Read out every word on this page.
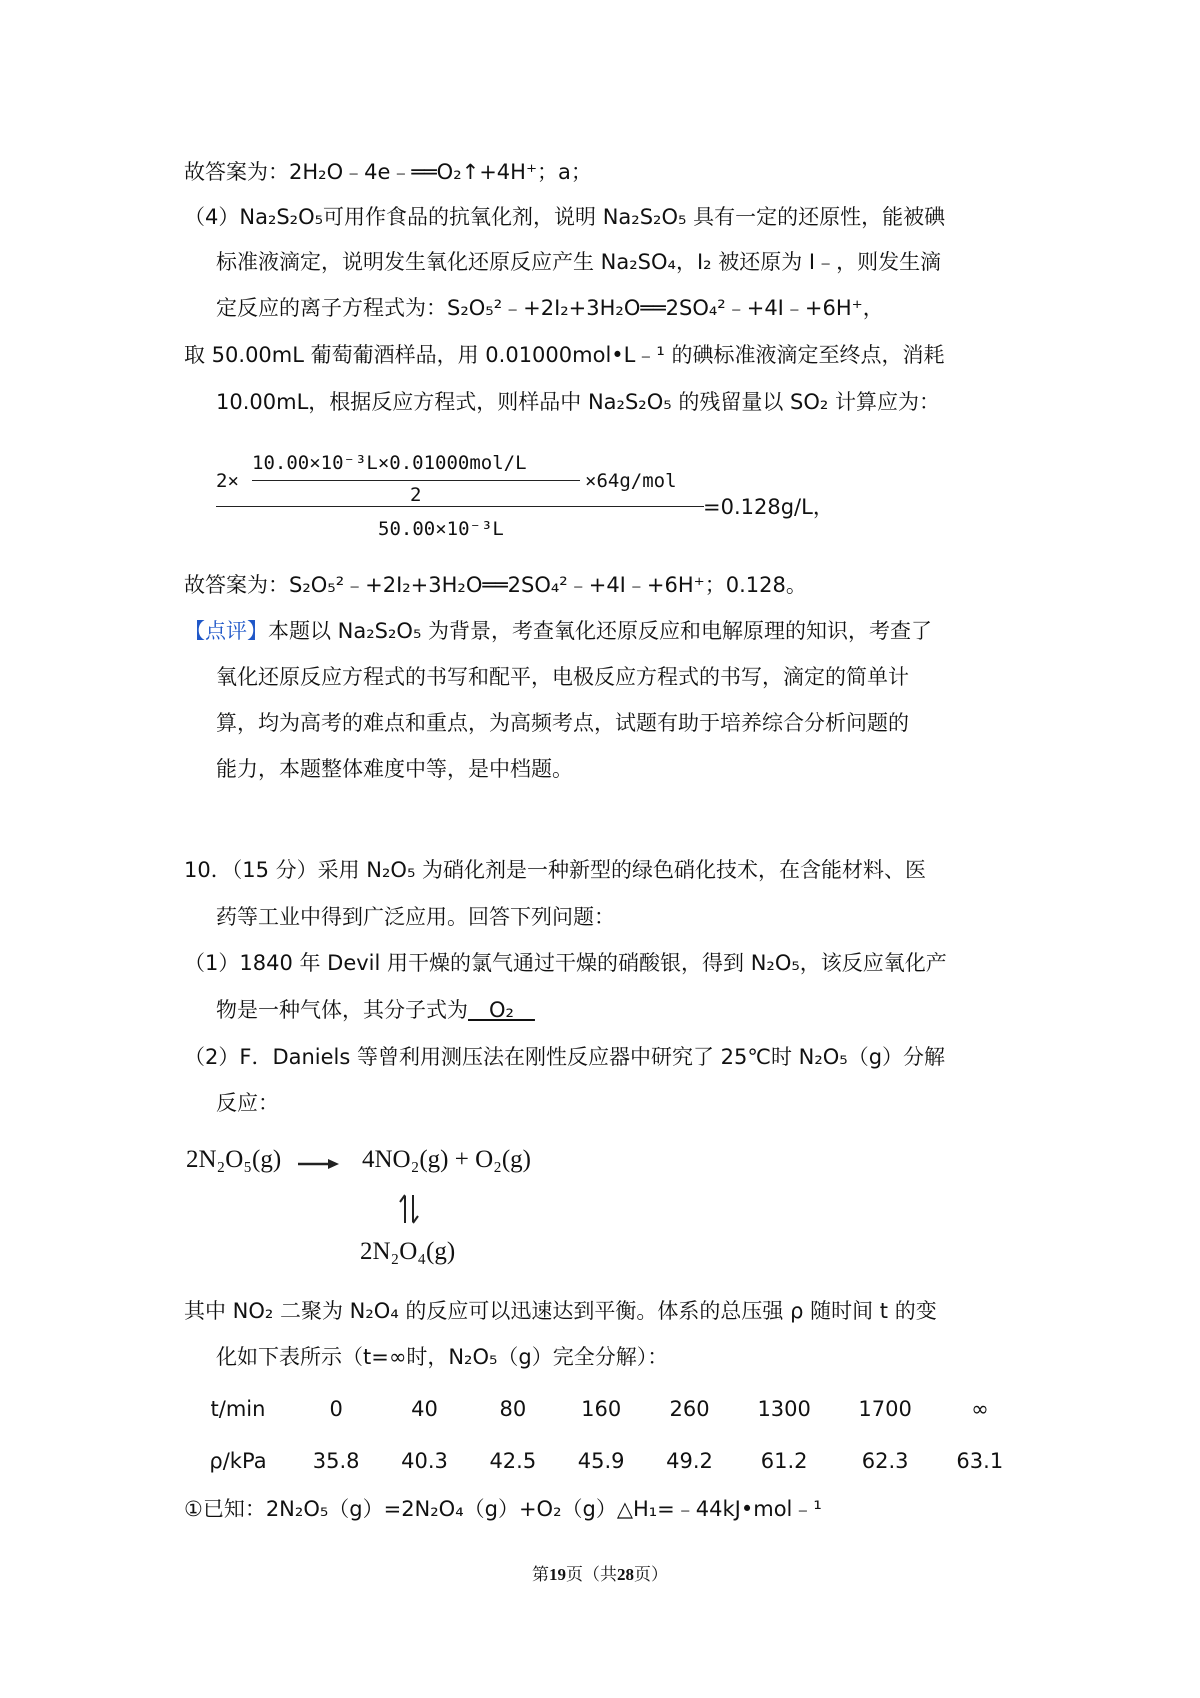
故答案为：2H₂O﹣4e﹣══O₂↑+4H⁺；a；
（4）Na₂S₂O₅可用作食品的抗氧化剂，说明 Na₂S₂O₅ 具有一定的还原性，能被碘
标准液滴定，说明发生氧化还原反应产生 Na₂SO₄，I₂ 被还原为 I﹣，则发生滴
定反应的离子方程式为：S₂O₅²﹣+2I₂+3H₂O══2SO₄²﹣+4I﹣+6H⁺，
取 50.00mL 葡萄葡酒样品，用 0.01000mol•L﹣¹ 的碘标准液滴定至终点，消耗
10.00mL，根据反应方程式，则样品中 Na₂S₂O₅ 的残留量以 SO₂ 计算应为：
2×
10.00×10⁻³L×0.01000mol/L
2
×64g/mol
50.00×10⁻³L
=0.128g/L，
故答案为：S₂O₅²﹣+2I₂+3H₂O══2SO₄²﹣+4I﹣+6H⁺；0.128。
【点评】本题以 Na₂S₂O₅ 为背景，考查氧化还原反应和电解原理的知识，考查了
氧化还原反应方程式的书写和配平，电极反应方程式的书写，滴定的简单计
算，均为高考的难点和重点，为高频考点，试题有助于培养综合分析问题的
能力，本题整体难度中等，是中档题。
10．（15 分）采用 N₂O₅ 为硝化剂是一种新型的绿色硝化技术，在含能材料、医
药等工业中得到广泛应用。回答下列问题：
（1）1840 年 Devil 用干燥的氯气通过干燥的硝酸银，得到 N₂O₅，该反应氧化产
物是一种气体，其分子式为　O₂　
（2）F．Daniels 等曾利用测压法在刚性反应器中研究了 25℃时 N₂O₅（g）分解
反应：
2N₂O₅(g)	4NO₂(g) + O₂(g)
2N₂O₄(g)
其中 NO₂ 二聚为 N₂O₄ 的反应可以迅速达到平衡。体系的总压强 ρ 随时间 t 的变
化如下表所示（t=∞时，N₂O₅（g）完全分解）：
t/min	0	40	80	160	260	1300	1700	∞
ρ/kPa	35.8	40.3	42.5	45.9	49.2	61.2	62.3	63.1
①已知：2N₂O₅（g）=2N₂O₄（g）+O₂（g）△H₁=﹣44kJ•mol﹣¹
第19页（共28页）
